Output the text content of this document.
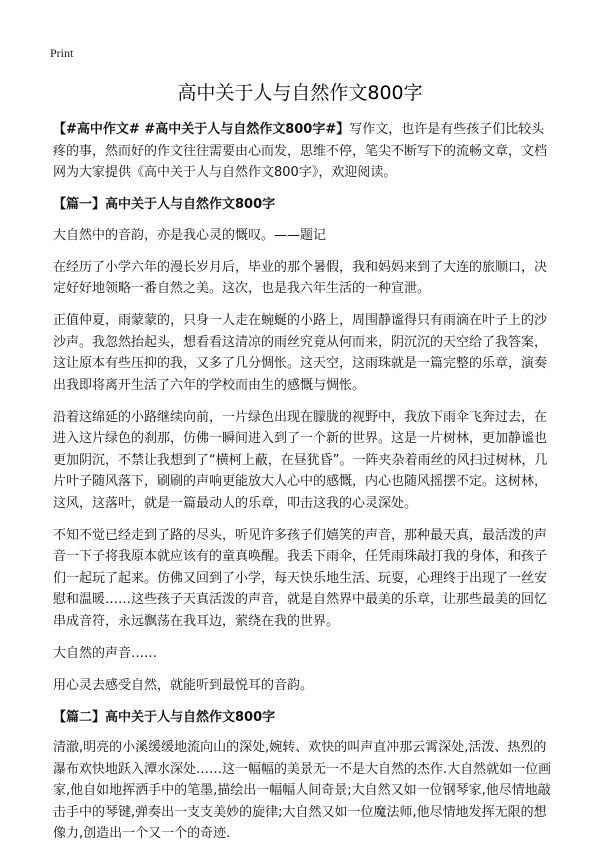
Print
高中关于人与自然作文800字

【#高中作文# #高中关于人与自然作文800字#】写作文，也许是有些孩子们比较头疼的事，然而好的作文往往需要由心而发，思维不停，笔尖不断写下的流畅文章，文档网为大家提供《高中关于人与自然作文800字》，欢迎阅读。

【篇一】高中关于人与自然作文800字

大自然中的音韵，亦是我心灵的慨叹。——题记

在经历了小学六年的漫长岁月后，毕业的那个暑假，我和妈妈来到了大连的旅顺口，决定好好地领略一番自然之美。这次，也是我六年生活的一种宣泄。

正值仲夏，雨蒙蒙的，只身一人走在蜿蜒的小路上，周围静谧得只有雨滴在叶子上的沙沙声。我忽然抬起头，想看看这清凉的雨丝究竟从何而来，阴沉沉的天空给了我答案，这让原本有些压抑的我，又多了几分惆怅。这天空，这雨珠就是一篇完整的乐章，演奏出我即将离开生活了六年的学校而由生的感慨与惆怅。

沿着这绵延的小路继续向前，一片绿色出现在朦胧的视野中，我放下雨伞飞奔过去，在进入这片绿色的刹那，仿佛一瞬间进入到了一个新的世界。这是一片树林，更加静谧也更加阴沉，不禁让我想到了“横柯上蔽，在昼犹昏”。一阵夹杂着雨丝的风扫过树林，几片叶子随风落下，刷刷的声响更能放大人心中的感慨，内心也随风摇摆不定。这树林，这风，这落叶，就是一篇最动人的乐章，叩击这我的心灵深处。

不知不觉已经走到了路的尽头，听见许多孩子们嬉笑的声音，那种最天真，最活泼的声音一下子将我原本就应该有的童真唤醒。我丢下雨伞，任凭雨珠敲打我的身体，和孩子们一起玩了起来。仿佛又回到了小学，每天快乐地生活、玩耍，心理终于出现了一丝安慰和温暖……这些孩子天真活泼的声音，就是自然界中最美的乐章，让那些最美的回忆串成音符，永远飘荡在我耳边，萦绕在我的世界。

大自然的声音……

用心灵去感受自然，就能听到最悦耳的音韵。

【篇二】高中关于人与自然作文800字

清澈,明亮的小溪缓缓地流向山的深处,婉转、欢快的叫声直冲那云霄深处,活泼、热烈的瀑布欢快地跃入潭水深处……这一幅幅的美景无一不是大自然的杰作.大自然就如一位画家,他自如地挥洒手中的笔墨,描绘出一幅幅人间奇景;大自然又如一位钢琴家,他尽情地敲击手中的琴键,弹奏出一支支美妙的旋律;大自然又如一位魔法师,他尽情地发挥无限的想像力,创造出一个又一个的奇迹.
